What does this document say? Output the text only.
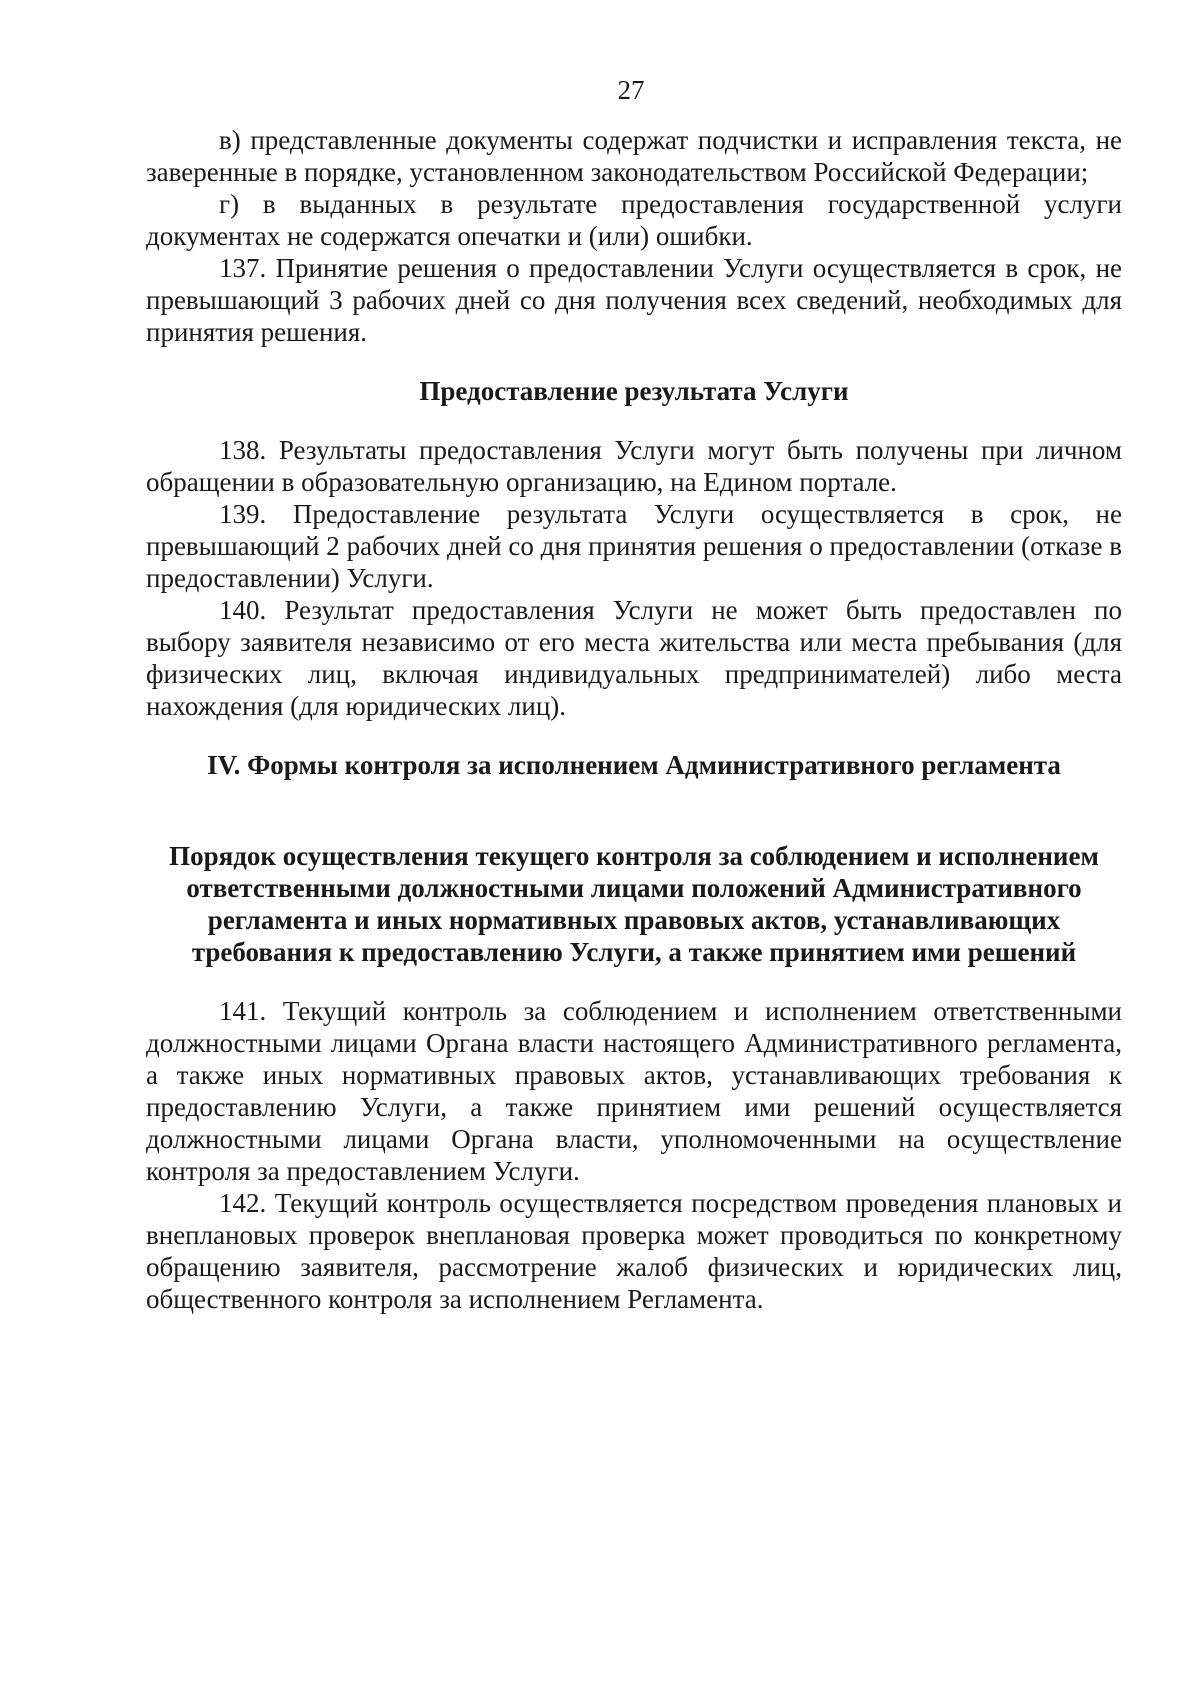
27

в) представленные документы содержат подчистки и исправления текста, не заверенные в порядке, установленном законодательством Российской Федерации;

г) в выданных в результате предоставления государственной услуги документах не содержатся опечатки и (или) ошибки.

137. Принятие решения о предоставлении Услуги осуществляется в срок, не превышающий 3 рабочих дней со дня получения всех сведений, необходимых для принятия решения.

Предоставление результата Услуги

138. Результаты предоставления Услуги могут быть получены при личном обращении в образовательную организацию, на Едином портале.

139. Предоставление результата Услуги осуществляется в срок, не превышающий 2 рабочих дней со дня принятия решения о предоставлении (отказе в предоставлении) Услуги.

140. Результат предоставления Услуги не может быть предоставлен по выбору заявителя независимо от его места жительства или места пребывания (для физических лиц, включая индивидуальных предпринимателей) либо места нахождения (для юридических лиц).

IV. Формы контроля за исполнением Административного регламента
Порядок осуществления текущего контроля за соблюдением и исполнением ответственными должностными лицами положений Административного регламента и иных нормативных правовых актов, устанавливающих требования к предоставлению Услуги, а также принятием ими решений

141. Текущий контроль за соблюдением и исполнением ответственными должностными лицами Органа власти настоящего Административного регламента, а также иных нормативных правовых актов, устанавливающих требования к предоставлению Услуги, а также принятием ими решений осуществляется должностными лицами Органа власти, уполномоченными на осуществление контроля за предоставлением Услуги.

142. Текущий контроль осуществляется посредством проведения плановых и внеплановых проверок внеплановая проверка может проводиться по конкретному обращению заявителя, рассмотрение жалоб физических и юридических лиц, общественного контроля за исполнением Регламента.
